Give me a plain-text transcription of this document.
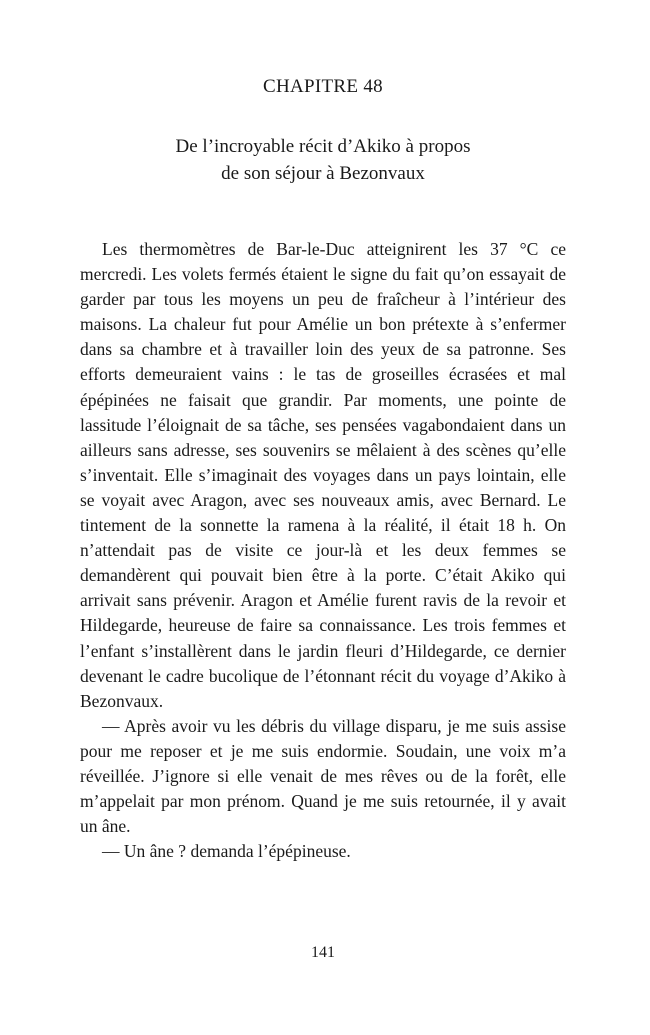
CHAPITRE 48
De l’incroyable récit d’Akiko à propos
de son séjour à Bezonvaux

Les thermomètres de Bar-le-Duc atteignirent les 37 °C ce mercredi. Les volets fermés étaient le signe du fait qu’on essayait de garder par tous les moyens un peu de fraîcheur à l’intérieur des maisons. La chaleur fut pour Amélie un bon prétexte à s’enfermer dans sa chambre et à travailler loin des yeux de sa patronne. Ses efforts demeuraient vains : le tas de groseilles écrasées et mal épépinées ne faisait que grandir. Par moments, une pointe de lassitude l’éloignait de sa tâche, ses pensées vagabondaient dans un ailleurs sans adresse, ses souvenirs se mêlaient à des scènes qu’elle s’inventait. Elle s’imaginait des voyages dans un pays lointain, elle se voyait avec Aragon, avec ses nouveaux amis, avec Bernard. Le tintement de la sonnette la ramena à la réalité, il était 18 h. On n’attendait pas de visite ce jour-là et les deux femmes se demandèrent qui pouvait bien être à la porte. C’était Akiko qui arrivait sans prévenir. Aragon et Amélie furent ravis de la revoir et Hildegarde, heureuse de faire sa connaissance. Les trois femmes et l’enfant s’installèrent dans le jardin fleuri d’Hildegarde, ce dernier devenant le cadre bucolique de l’étonnant récit du voyage d’Akiko à Bezonvaux.

— Après avoir vu les débris du village disparu, je me suis assise pour me reposer et je me suis endormie. Soudain, une voix m’a réveillée. J’ignore si elle venait de mes rêves ou de la forêt, elle m’appelait par mon prénom. Quand je me suis retournée, il y avait un âne.

— Un âne ? demanda l’épépineuse.

141
